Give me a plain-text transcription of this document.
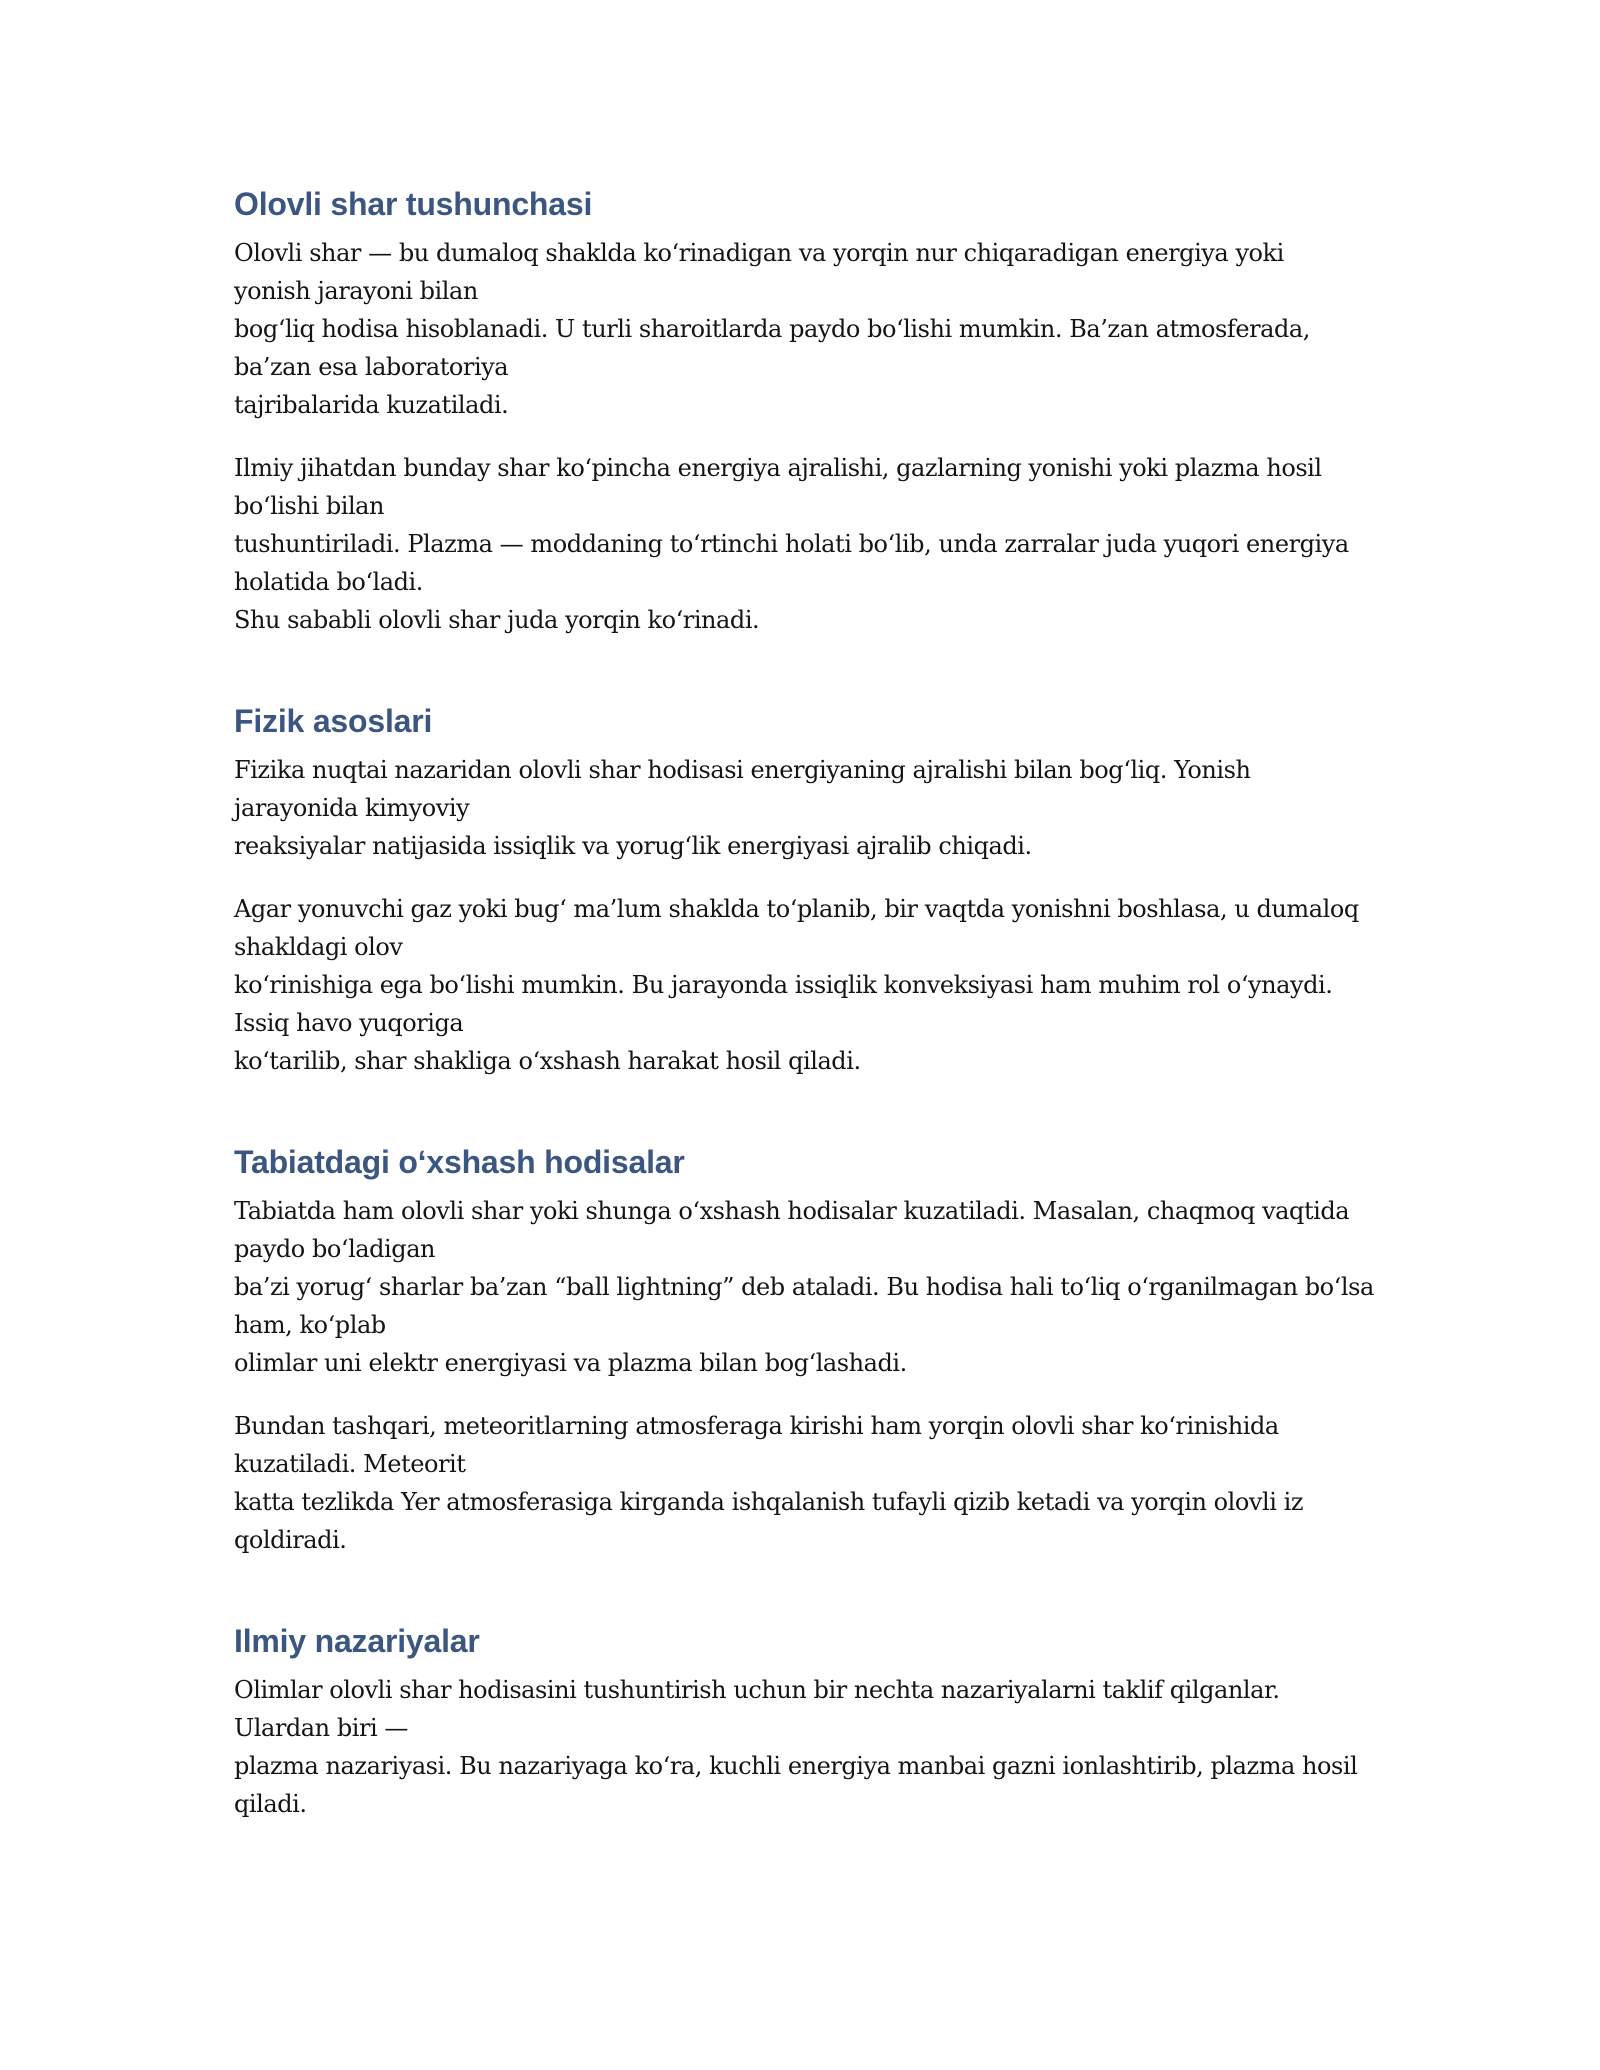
Olovli shar tushunchasi
Olovli shar — bu dumaloq shaklda koʻrinadigan va yorqin nur chiqaradigan energiya yoki
yonish jarayoni bilan
bogʻliq hodisa hisoblanadi. U turli sharoitlarda paydo boʻlishi mumkin. Ba’zan atmosferada,
ba’zan esa laboratoriya
tajribalarida kuzatiladi.
Ilmiy jihatdan bunday shar koʻpincha energiya ajralishi, gazlarning yonishi yoki plazma hosil
boʻlishi bilan
tushuntiriladi. Plazma — moddaning toʻrtinchi holati boʻlib, unda zarralar juda yuqori energiya
holatida boʻladi.
Shu sababli olovli shar juda yorqin koʻrinadi.
Fizik asoslari
Fizika nuqtai nazaridan olovli shar hodisasi energiyaning ajralishi bilan bogʻliq. Yonish
jarayonida kimyoviy
reaksiyalar natijasida issiqlik va yorugʻlik energiyasi ajralib chiqadi.
Agar yonuvchi gaz yoki bugʻ ma’lum shaklda toʻplanib, bir vaqtda yonishni boshlasa, u dumaloq
shakldagi olov
koʻrinishiga ega boʻlishi mumkin. Bu jarayonda issiqlik konveksiyasi ham muhim rol oʻynaydi.
Issiq havo yuqoriga
koʻtarilib, shar shakliga oʻxshash harakat hosil qiladi.
Tabiatdagi oʻxshash hodisalar
Tabiatda ham olovli shar yoki shunga oʻxshash hodisalar kuzatiladi. Masalan, chaqmoq vaqtida
paydo boʻladigan
ba’zi yorugʻ sharlar ba’zan “ball lightning” deb ataladi. Bu hodisa hali toʻliq oʻrganilmagan boʻlsa
ham, koʻplab
olimlar uni elektr energiyasi va plazma bilan bogʻlashadi.
Bundan tashqari, meteoritlarning atmosferaga kirishi ham yorqin olovli shar koʻrinishida
kuzatiladi. Meteorit
katta tezlikda Yer atmosferasiga kirganda ishqalanish tufayli qizib ketadi va yorqin olovli iz
qoldiradi.
Ilmiy nazariyalar
Olimlar olovli shar hodisasini tushuntirish uchun bir nechta nazariyalarni taklif qilganlar.
Ulardan biri —
plazma nazariyasi. Bu nazariyaga koʻra, kuchli energiya manbai gazni ionlashtirib, plazma hosil
qiladi.
